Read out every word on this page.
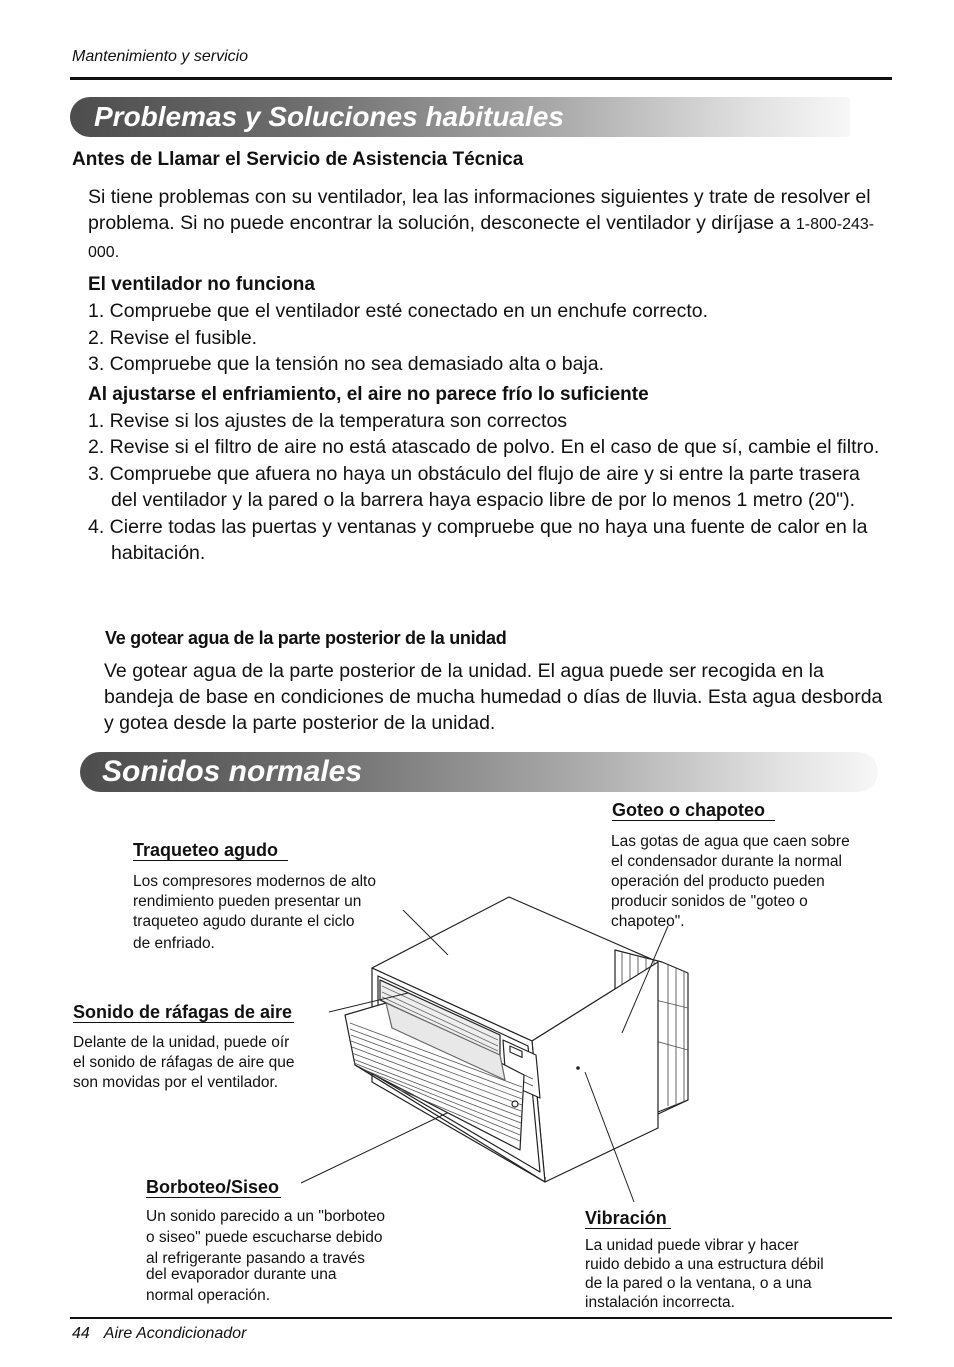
Mantenimiento y servicio
Problemas y Soluciones habituales
Antes de Llamar el Servicio de Asistencia Técnica
Si tiene problemas con su ventilador, lea las informaciones siguientes y trate de resolver el problema. Si no puede encontrar la solución, desconecte el ventilador y diríjase a 1-800-243-000.
El ventilador no funciona
1. Compruebe que el ventilador esté conectado en un enchufe correcto.
2. Revise el fusible.
3. Compruebe que la tensión no sea demasiado alta o baja.
Al ajustarse el enfriamiento, el aire no parece frío lo suficiente
1. Revise si los ajustes de la temperatura son correctos
2. Revise si el filtro de aire no está atascado de polvo. En el caso de que sí, cambie el filtro.
3. Compruebe que afuera no haya un obstáculo del flujo de aire y si entre la parte trasera del ventilador y la pared o la barrera haya espacio libre de por lo menos 1 metro (20").
4. Cierre todas las puertas y ventanas y compruebe que no haya una fuente de calor en la habitación.
Ve gotear agua de la parte posterior de la unidad
Ve gotear agua de la parte posterior de la unidad. El agua puede ser recogida en la bandeja de base en condiciones de mucha humedad o días de lluvia. Esta agua desborda y gotea desde la parte posterior de la unidad.
Sonidos normales
Goteo o chapoteo
Las gotas de agua que caen sobre
el condensador durante la normal
operación del producto pueden
producir sonidos de "goteo o
chapoteo".
Traqueteo agudo
Los compresores modernos de alto
rendimiento pueden presentar un
traqueteo agudo durante el ciclo
de enfriado.
Sonido de ráfagas de aire
Delante de la unidad, puede oír
el sonido de ráfagas de aire que
son movidas por el ventilador.
Borboteo/Siseo
Un sonido parecido a un "borboteo
o siseo" puede escucharse debido
al refrigerante pasando a través
del evaporador durante una
normal operación.
Vibración
La unidad puede vibrar y hacer
ruido debido a una estructura débil
de la pared o la ventana, o a una
instalación incorrecta.
44 Aire Acondicionador
